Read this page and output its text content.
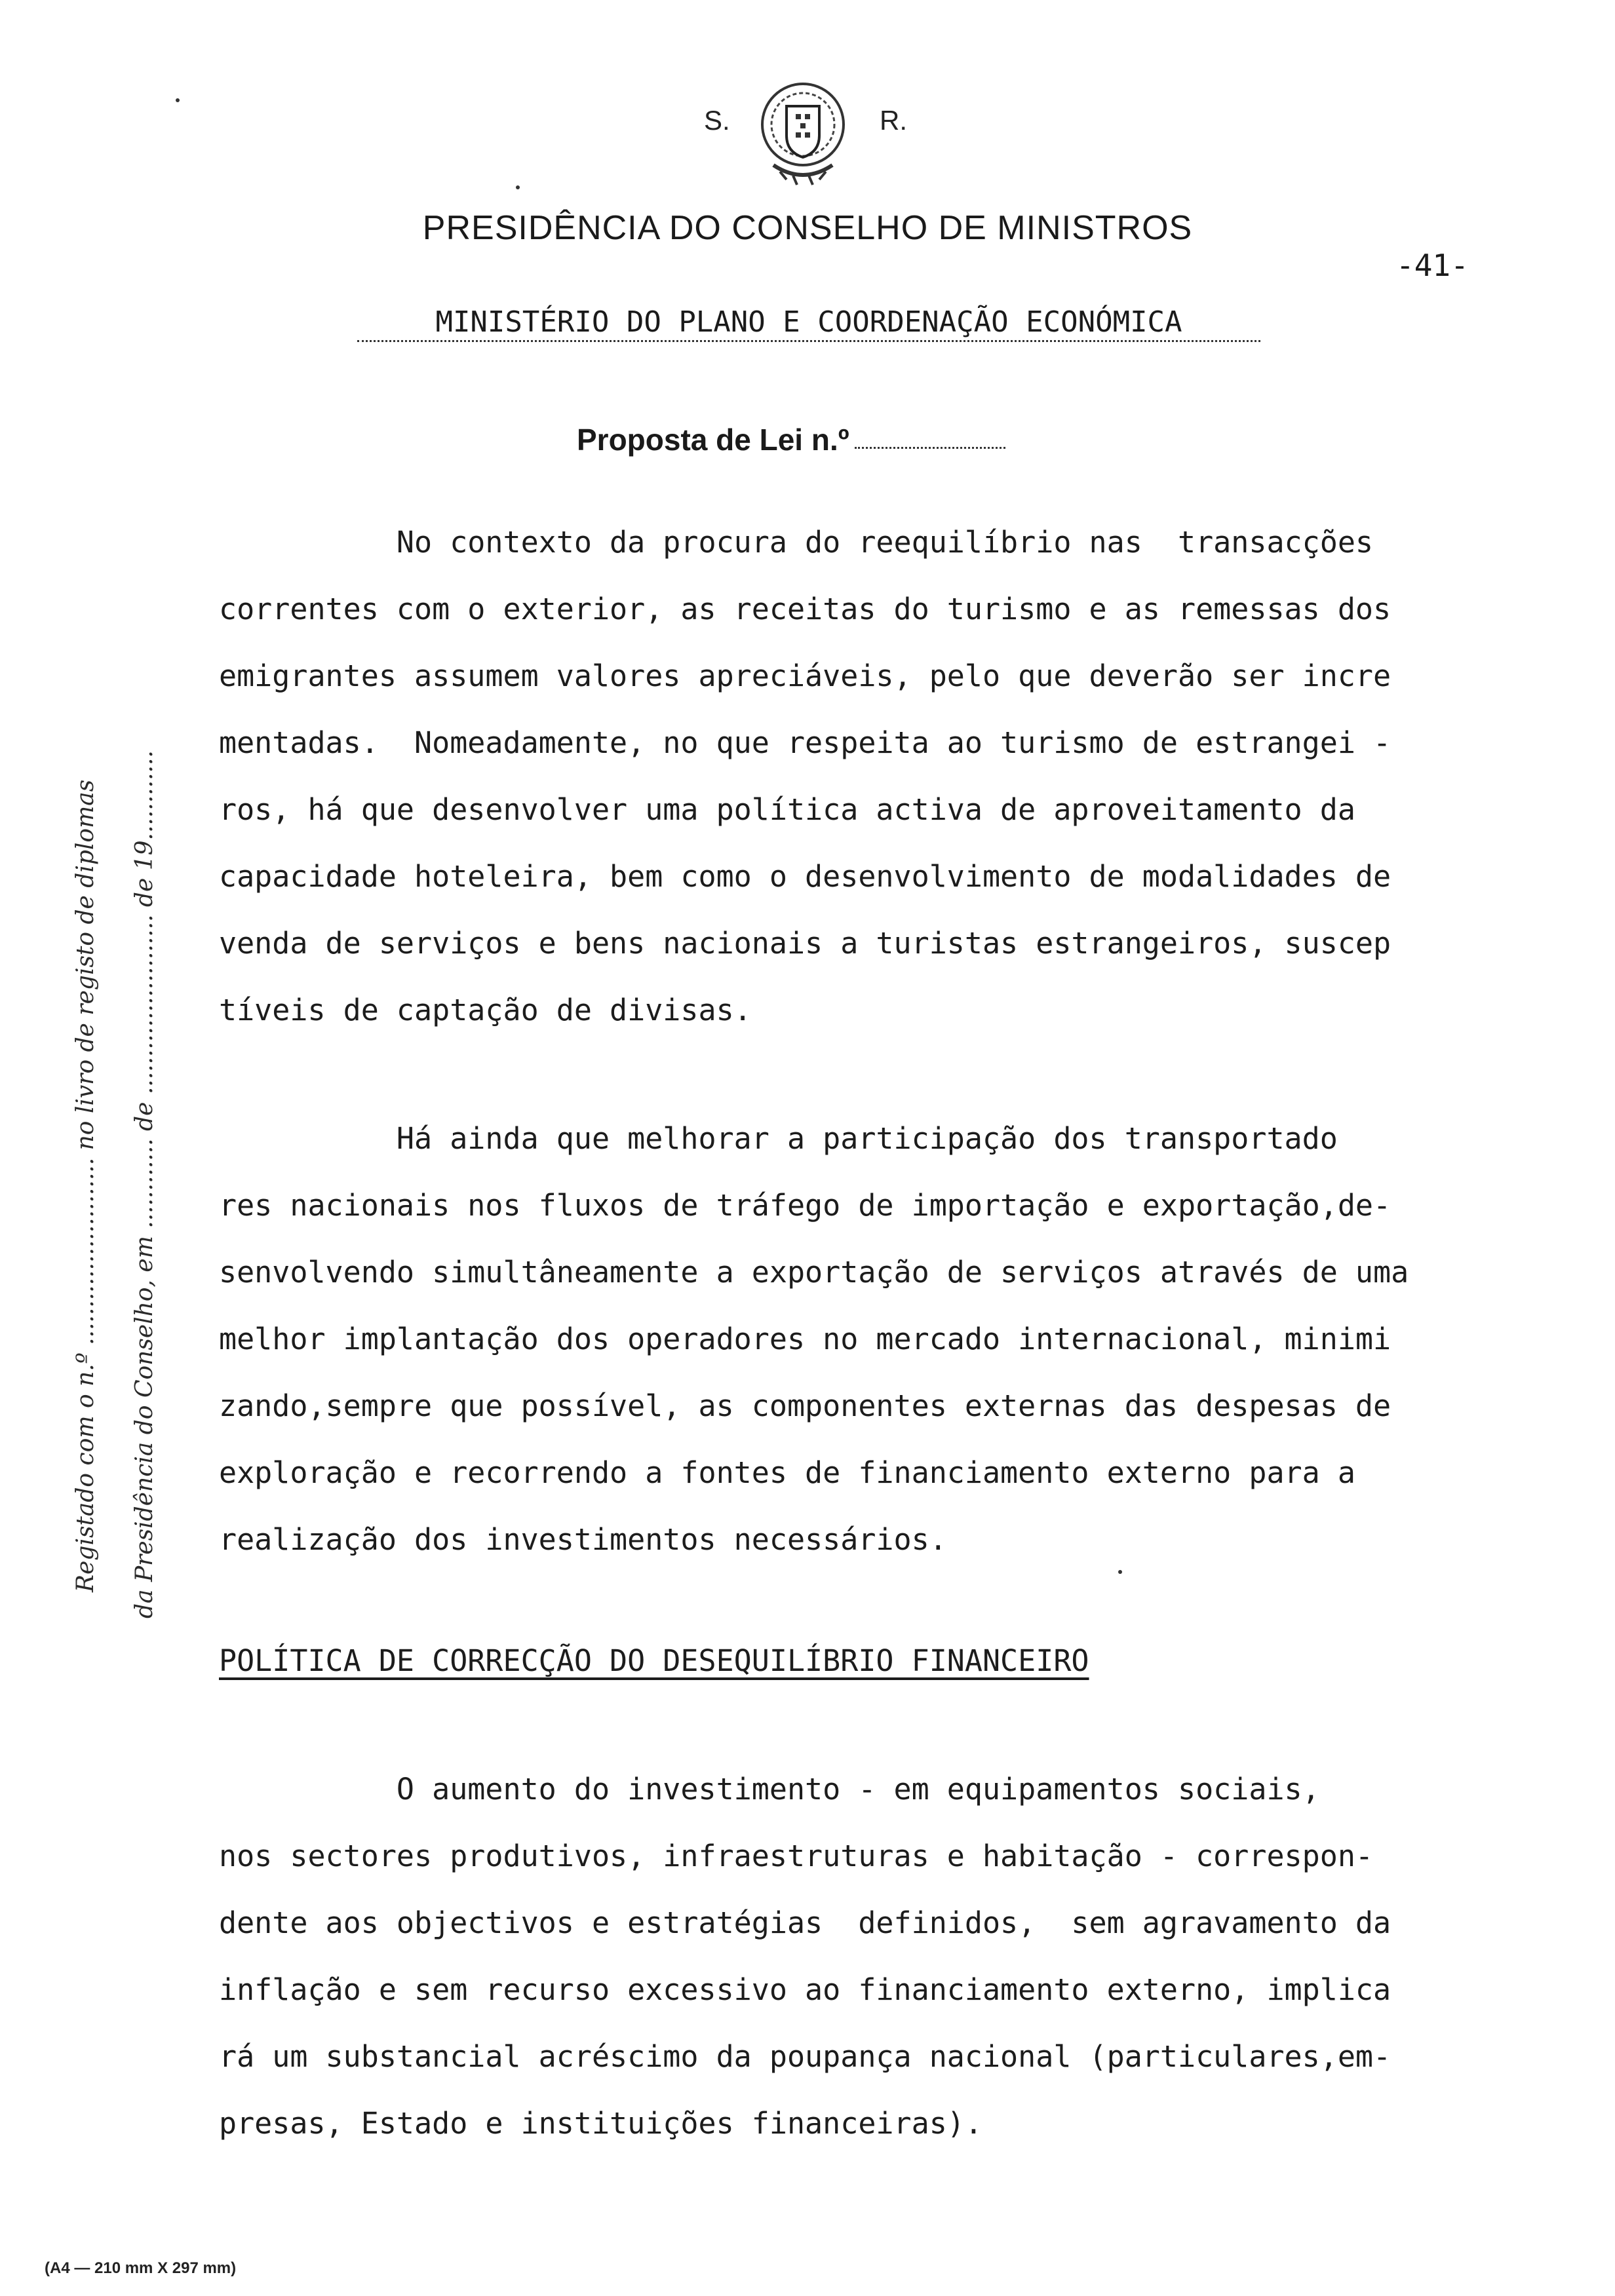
S.	R.
PRESIDÊNCIA DO CONSELHO DE MINISTROS
-41-
MINISTÉRIO DO PLANO E COORDENAÇÃO ECONÓMICA
Proposta de Lei n.º
No contexto da procura do reequilíbrio nas  transacções
correntes com o exterior, as receitas do turismo e as remessas dos
emigrantes assumem valores apreciáveis, pelo que deverão ser incre
mentadas.  Nomeadamente, no que respeita ao turismo de estrangei -
ros, há que desenvolver uma política activa de aproveitamento da
capacidade hoteleira, bem como o desenvolvimento de modalidades de
venda de serviços e bens nacionais a turistas estrangeiros, suscep
tíveis de captação de divisas.
Há ainda que melhorar a participação dos transportado
res nacionais nos fluxos de tráfego de importação e exportação,de-
senvolvendo simultâneamente a exportação de serviços através de uma
melhor implantação dos operadores no mercado internacional, minimi
zando,sempre que possível, as componentes externas das despesas de
exploração e recorrendo a fontes de financiamento externo para a
realização dos investimentos necessários.
POLÍTICA DE CORRECÇÃO DO DESEQUILÍBRIO FINANCEIRO
O aumento do investimento - em equipamentos sociais,
nos sectores produtivos, infraestruturas e habitação - correspon-
dente aos objectivos e estratégias  definidos,  sem agravamento da
inflação e sem recurso excessivo ao financiamento externo, implica
rá um substancial acréscimo da poupança nacional (particulares,em-
presas, Estado e instituições financeiras).
Registado com o n.º ......................... no livro de registo de diplomas da Presidência do Conselho, em ............ de ........................ de 19............
(A4 — 210 mm X 297 mm)
